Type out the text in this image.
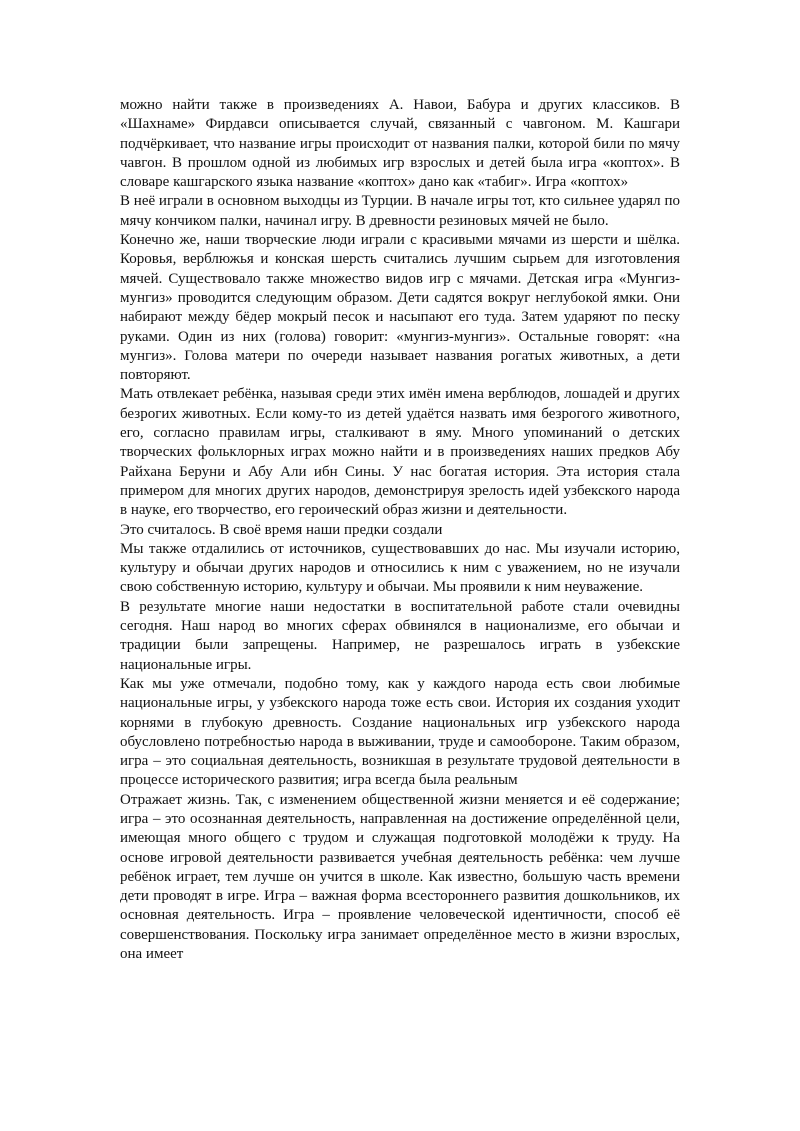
можно найти также в произведениях А. Навои, Бабура и других классиков. В «Шахнаме» Фирдавси описывается случай, связанный с чавгоном. М. Кашгари подчёркивает, что название игры происходит от названия палки, которой били по мячу чавгон. В прошлом одной из любимых игр взрослых и детей была игра «коптох». В словаре кашгарского языка название «коптох» дано как «табиг». Игра «коптох»

В неё играли в основном выходцы из Турции. В начале игры тот, кто сильнее ударял по мячу кончиком палки, начинал игру. В древности резиновых мячей не было.

Конечно же, наши творческие люди играли с красивыми мячами из шерсти и шёлка. Коровья, верблюжья и конская шерсть считались лучшим сырьем для изготовления мячей. Существовало также множество видов игр с мячами. Детская игра «Мунгиз-мунгиз» проводится следующим образом. Дети садятся вокруг неглубокой ямки. Они набирают между бёдер мокрый песок и насыпают его туда. Затем ударяют по песку руками. Один из них (голова) говорит: «мунгиз-мунгиз». Остальные говорят: «на мунгиз». Голова матери по очереди называет названия рогатых животных, а дети повторяют.

Мать отвлекает ребёнка, называя среди этих имён имена верблюдов, лошадей и других безрогих животных. Если кому-то из детей удаётся назвать имя безрогого животного, его, согласно правилам игры, сталкивают в яму. Много упоминаний о детских творческих фольклорных играх можно найти и в произведениях наших предков Абу Райхана Беруни и Абу Али ибн Сины. У нас богатая история. Эта история стала примером для многих других народов, демонстрируя зрелость идей узбекского народа в науке, его творчество, его героический образ жизни и деятельности.

Это считалось. В своё время наши предки создали

Мы также отдалились от источников, существовавших до нас. Мы изучали историю, культуру и обычаи других народов и относились к ним с уважением, но не изучали свою собственную историю, культуру и обычаи. Мы проявили к ним неуважение.

В результате многие наши недостатки в воспитательной работе стали очевидны сегодня. Наш народ во многих сферах обвинялся в национализме, его обычаи и традиции были запрещены. Например, не разрешалось играть в узбекские национальные игры.

Как мы уже отмечали, подобно тому, как у каждого народа есть свои любимые национальные игры, у узбекского народа тоже есть свои. История их создания уходит корнями в глубокую древность. Создание национальных игр узбекского народа обусловлено потребностью народа в выживании, труде и самообороне. Таким образом, игра – это социальная деятельность, возникшая в результате трудовой деятельности в процессе исторического развития; игра всегда была реальным

Отражает жизнь. Так, с изменением общественной жизни меняется и её содержание; игра – это осознанная деятельность, направленная на достижение определённой цели, имеющая много общего с трудом и служащая подготовкой молодёжи к труду. На основе игровой деятельности развивается учебная деятельность ребёнка: чем лучше ребёнок играет, тем лучше он учится в школе. Как известно, большую часть времени дети проводят в игре. Игра – важная форма всестороннего развития дошкольников, их основная деятельность. Игра – проявление человеческой идентичности, способ её совершенствования. Поскольку игра занимает определённое место в жизни взрослых, она имеет
